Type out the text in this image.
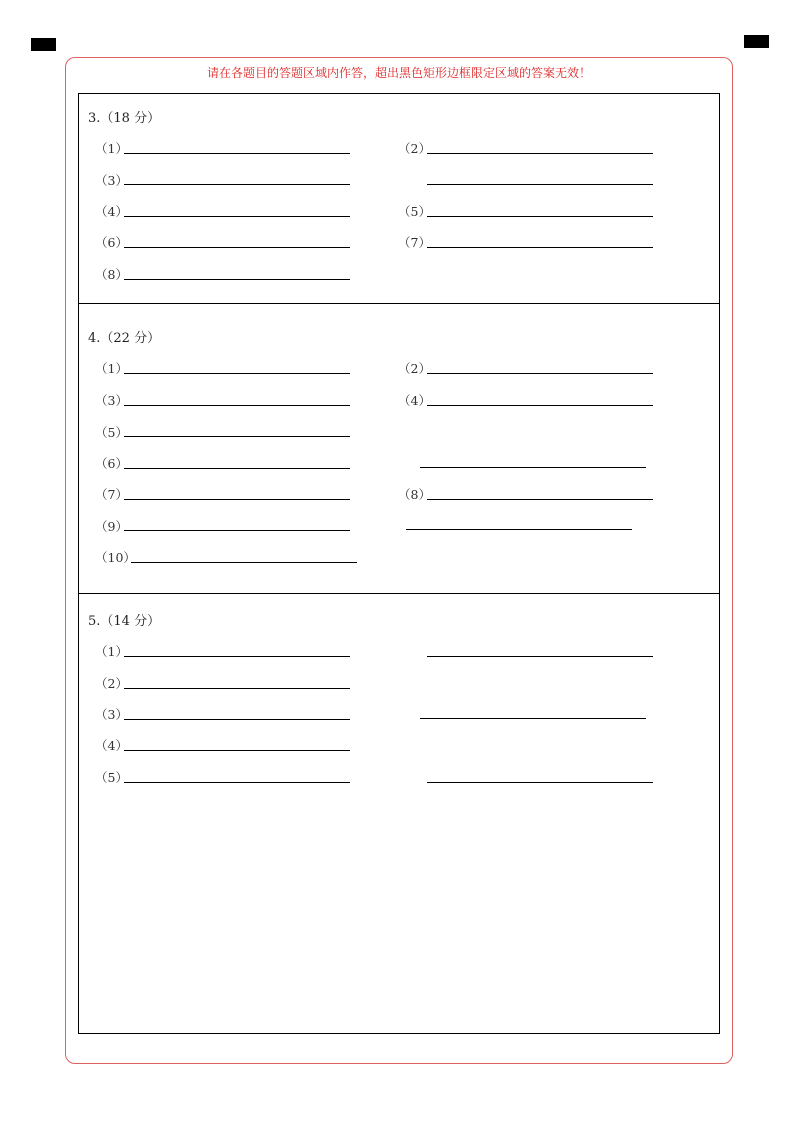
请在各题目的答题区域内作答，超出黑色矩形边框限定区域的答案无效！
3.（18 分）
（1）	（2）
（3）
（4）	（5）
（6）	（7）
（8）
4.（22 分）
（1）	（2）
（3）	（4）
（5）
（6）
（7）	（8）
（9）
（10）
5.（14 分）
（1）
（2）
（3）
（4）
（5）
